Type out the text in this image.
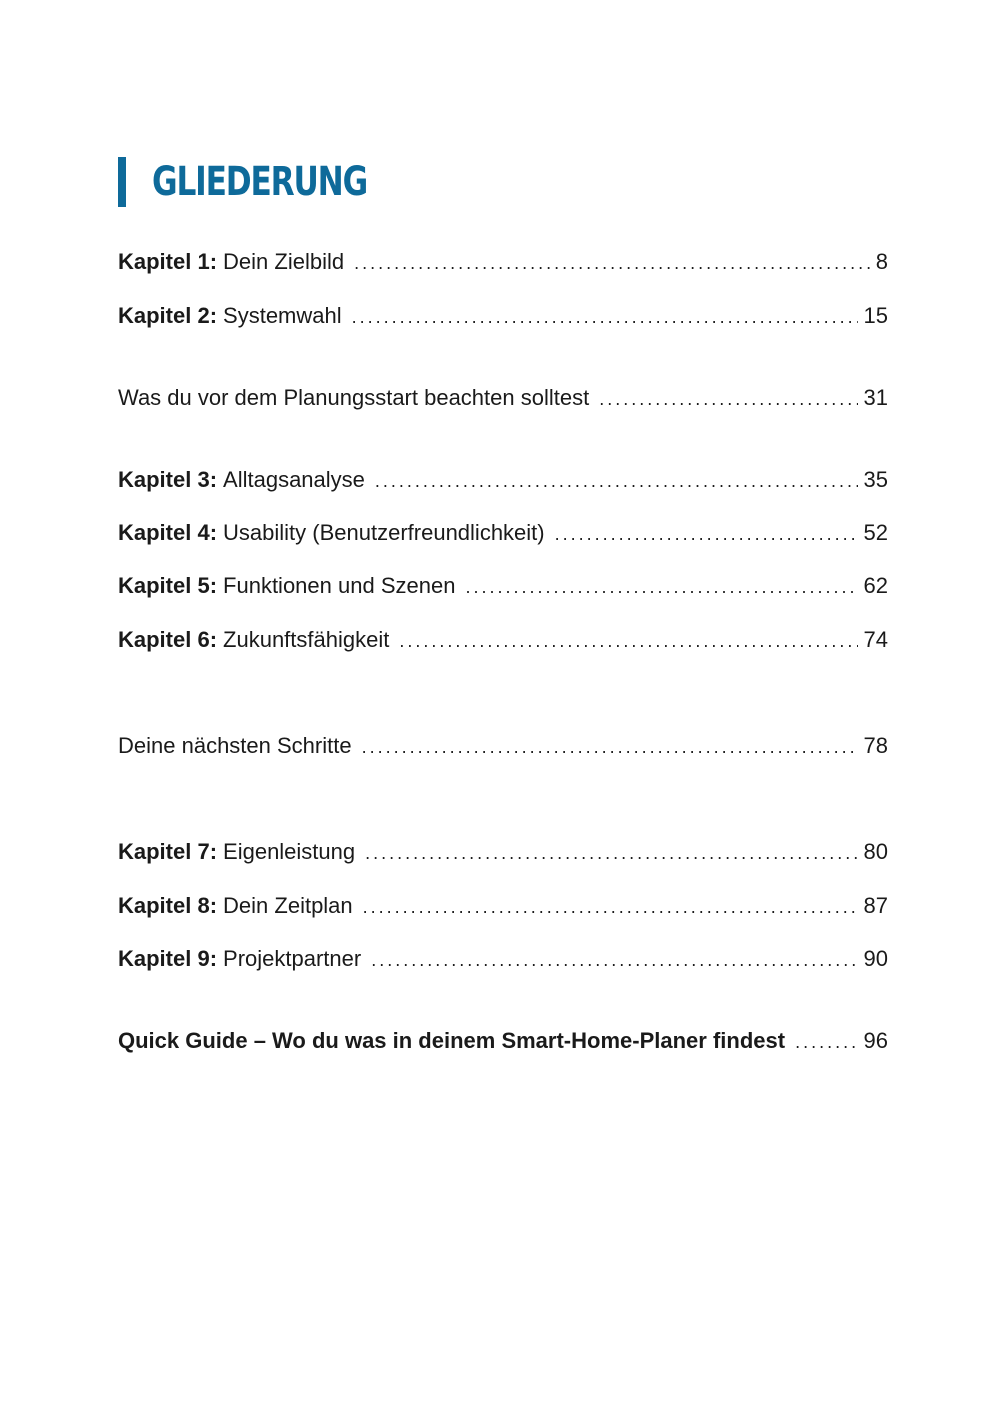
GLIEDERUNG
Kapitel 1: Dein Zielbild .....	8
Kapitel 2: Systemwahl .....	15
Was du vor dem Planungsstart beachten solltest .....	31
Kapitel 3: Alltagsanalyse .....	35
Kapitel 4: Usability (Benutzerfreundlichkeit) .....	52
Kapitel 5: Funktionen und Szenen .....	62
Kapitel 6: Zukunftsfähigkeit .....	74
Deine nächsten Schritte .....	78
Kapitel 7: Eigenleistung .....	80
Kapitel 8: Dein Zeitplan .....	87
Kapitel 9: Projektpartner .....	90
Quick Guide – Wo du was in deinem Smart-Home-Planer findest .....	96
